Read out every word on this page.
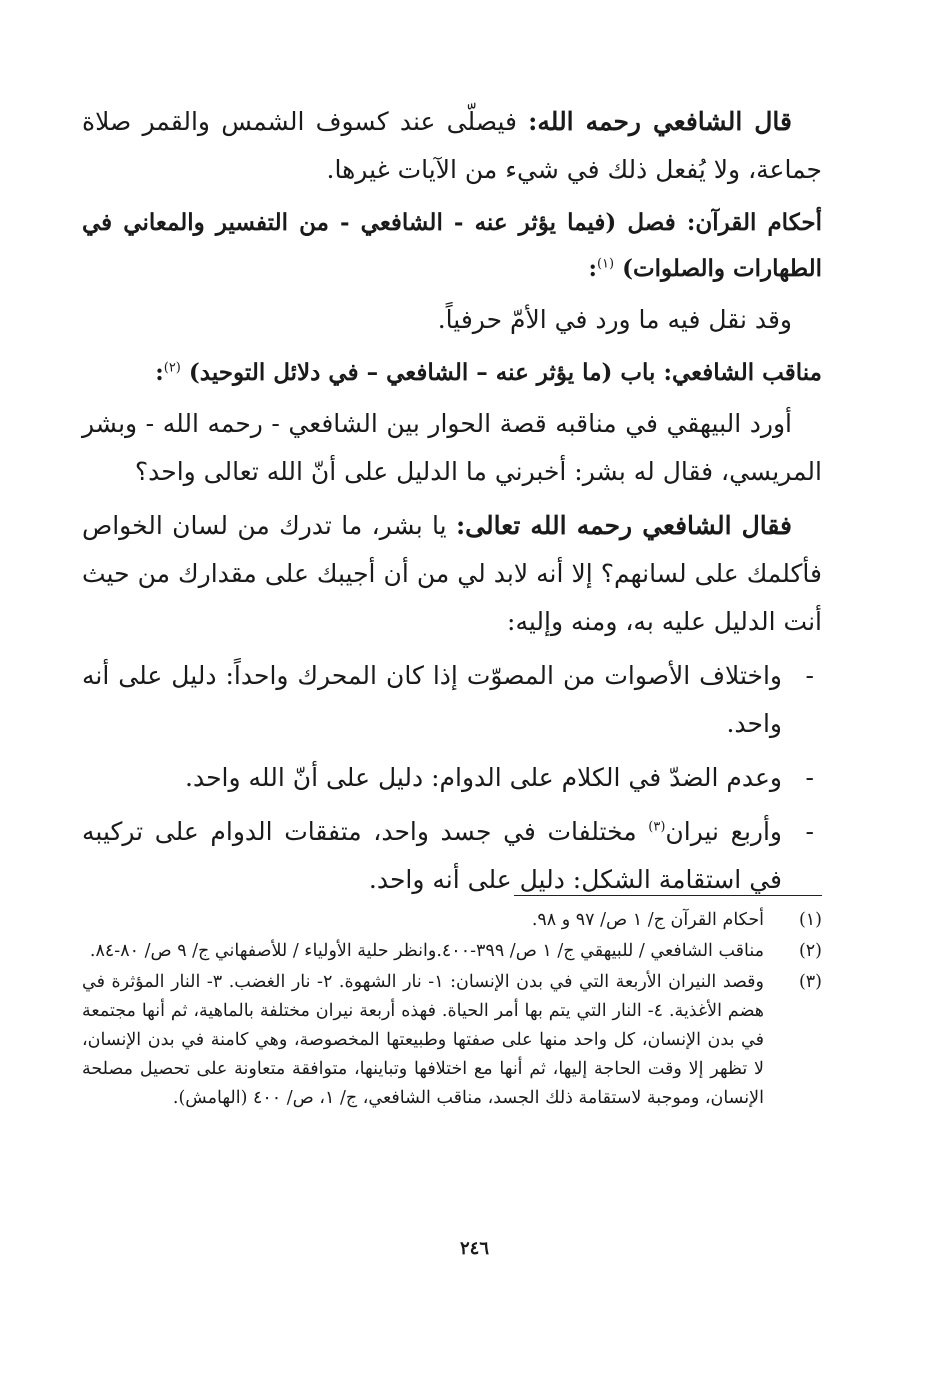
قال الشافعي رحمه الله: فيصلّى عند كسوف الشمس والقمر صلاة جماعة، ولا يُفعل ذلك في شيء من الآيات غيرها.

أحكام القرآن: فصل (فيما يؤثر عنه - الشافعي - من التفسير والمعاني في الطهارات والصلوات) $^{(١)}$:

وقد نقل فيه ما ورد في الأمّ حرفياً.

مناقب الشافعي: باب (ما يؤثر عنه – الشافعي – في دلائل التوحيد) $^{(٢)}$:

أورد البيهقي في مناقبه قصة الحوار بين الشافعي - رحمه الله - وبشر المريسي، فقال له بشر: أخبرني ما الدليل على أنّ الله تعالى واحد؟

فقال الشافعي رحمه الله تعالى: يا بشر، ما تدرك من لسان الخواص فأكلمك على لسانهم؟ إلا أنه لابد لي من أن أجيبك على مقدارك من حيث أنت الدليل عليه به، ومنه وإليه:

-
واختلاف الأصوات من المصوّت إذا كان المحرك واحداً: دليل على أنه واحد.
-
وعدم الضدّ في الكلام على الدوام: دليل على أنّ الله واحد.
-
وأربع نيران$^{(٣)}$ مختلفات في جسد واحد، متفقات الدوام على تركيبه في استقامة الشكل: دليل على أنه واحد.
(١)
أحكام القرآن ج/ ١ ص/ ٩٧ و ٩٨.
(٢)
مناقب الشافعي / للبيهقي ج/ ١ ص/ ٣٩٩-٤٠٠.وانظر حلية الأولياء / للأصفهاني ج/ ٩ ص/ ٨٠-٨٤.
(٣)
وقصد النيران الأربعة التي في بدن الإنسان: ١- نار الشهوة. ٢- نار الغضب. ٣- النار المؤثرة في هضم الأغذية. ٤- النار التي يتم بها أمر الحياة. فهذه أربعة نيران مختلفة بالماهية، ثم أنها مجتمعة في بدن الإنسان، كل واحد منها على صفتها وطبيعتها المخصوصة، وهي كامنة في بدن الإنسان، لا تظهر إلا وقت الحاجة إليها، ثم أنها مع اختلافها وتباينها، متوافقة متعاونة على تحصيل مصلحة الإنسان، وموجبة لاستقامة ذلك الجسد، مناقب الشافعي، ج/ ١، ص/ ٤٠٠ (الهامش).
٢٤٦
